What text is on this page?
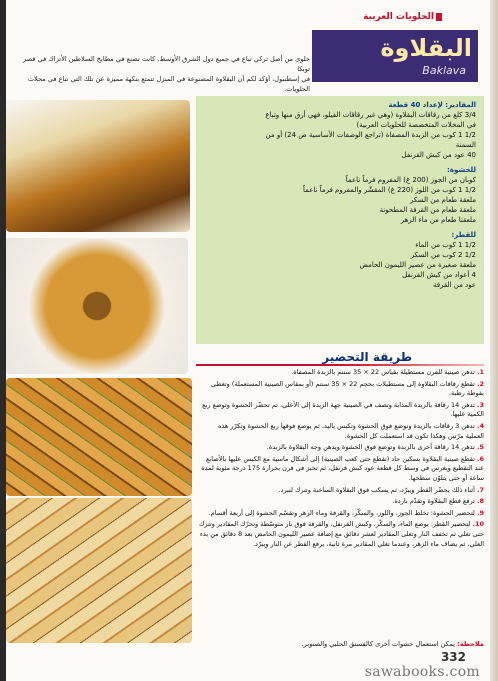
الحلويات العربية
البقلاوة
Baklava

حلوى من أصل تركي تباع في جميع دول الشرق الأوسط. كانت تصنع في مطابخ السلاطين الأتراك في قصر توبكا

في إسطنبول، أؤكد لكم أن البقلاوة المصنوعة في المنزل تتمتع بنكهة مميزة عن تلك التي تباع في محلات الحلويات.

المقادير: لإعداد 40 قطعة

3/4 كلغ من رقاقات البقلاوة (وهي غير رقاقات الفيلو، فهي أرق منها وتباع

في المحلات المتخصصة للحلويات العربية)

1/2 1 كوب من الزبدة المصفاة (تراجع الوصفات الأساسية ص 24) أو من

السمنة

40 عود من كبش القرنفل

للحشوة:

كوبان من الجوز (200 غ) المفروم فرماً ناعماً

1/2 1 كوب من اللوز (220 غ) المقشّر والمفروم فرماً ناعماً

ملعقة طعام من السكر

ملعقة طعام من القرفة المطحونة

ملعقتا طعام من ماء الزهر

للقطر:

1/2 1 كوب من الماء

1/2 2 كوب من السكر

ملعقة صغيرة من عصير الليمون الحامض

4 أعواد من كبش القرنفل

عود من القرفة

طريقة التحضير

1. تدهن صينية للفرن مستطيلة بقياس 22 × 35 سنتم بالزبدة المصفاة.

2. تقطع رقاقات البقلاوة إلى مستطيلات بحجم 22 × 35 سنتم (أو بمقاس الصينية المستعملة) وتغطى بفوطة رطبة.

3. تدهن 14 رقاقة بالزبدة المذابة وتصف في الصينية جهة الزبدة إلى الأعلى، ثم تحضّر الحشوة وتوضع ربع الكمية عليها.

4. تدهن 3 رقاقات بالزبدة وتوضع فوق الحشوة وتكبس باليد، ثم يوضع فوقها ربع الحشوة وتكرّر هذه العملية مرّتين وهكذا تكون قد استعملت كل الحشوة.

5. تدهن 14 رقاقة أخرى بالزبدة وتوضع فوق الحشوة ويدهن وجه البقلاوة بالزبدة.

6. تقطع صينية البقلاوة بسكين حاد (تقطع حتى كعب الصينية) إلى أشكال ماسية مع الكبس عليها بالأصابع عند التقطيع ويغرس في وسط كل قطعة عود كبش قرنفل، ثم تخبز في فرن بحرارة 175 درجة مئوية لمدة ساعة أو حتى يتلوّن سطحها.

7. أثناء ذلك يحضّر القطر ويبرّد، ثم يسكب فوق البقلاوة الساخنة وتترك لتبرد.

8. ترفع قطع البقلاوة وتقدّم باردة.

9. لتحضير الحشوة: تخلط الجوز، واللوز، والسكّر، والقرفة وماء الزهر وتقسّم الحشوة إلى أربعة أقسام.

10. لتحضير القطر: يوضع الماء، والسكّر، وكبش القرنفل، والقرفة فوق نار متوسّطة وتحرّك المقادير وتترك حتى تغلي ثم تخفف النار وتغلى المقادير لعشر دقائق مع إضافة عصير الليمون الحامض بعد 8 دقائق من بدء الغلي، ثم يضاف ماء الزهر، وعندما تغلي المقادير مرة ثانية، يرفع القطر عن النار ويبرّد.

ملاحظة: يمكن استعمال حشوات أخرى كالفستق الحلبي والصنوبر.
332
sawabooks.com
